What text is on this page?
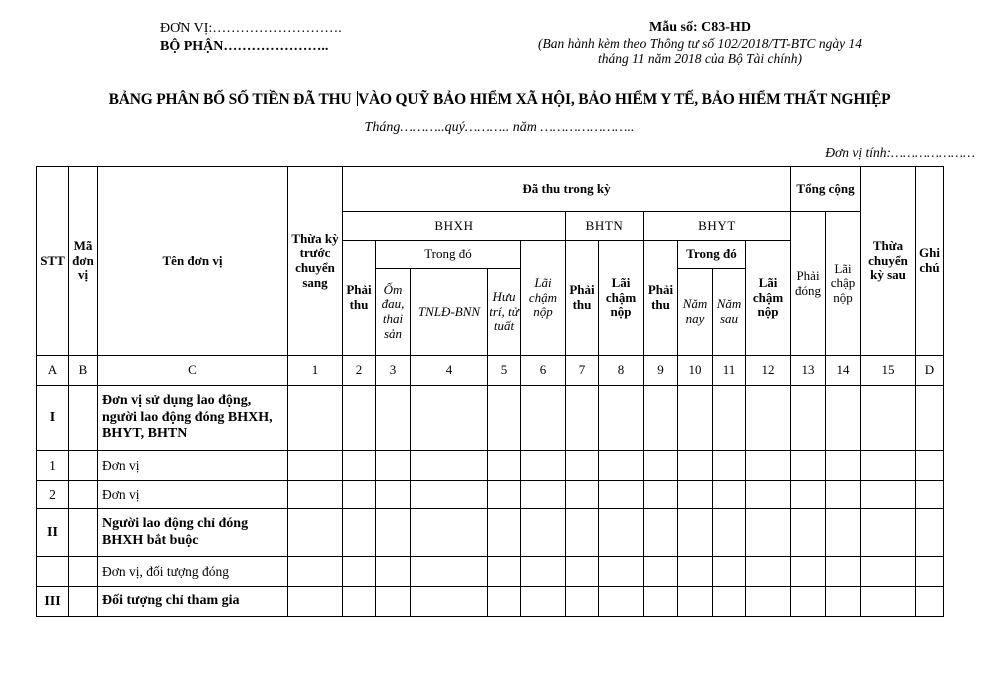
ĐƠN VỊ:……………………….
BỘ PHẬN…………………..
Mẫu số: C83-HD
(Ban hành kèm theo Thông tư số 102/2018/TT-BTC ngày 14
tháng 11 năm 2018 của Bộ Tài chính)
BẢNG PHÂN BỐ SỐ TIỀN ĐÃ THU VÀO QUỸ BẢO HIỂM XÃ HỘI, BẢO HIỂM Y TẾ, BẢO HIỂM THẤT NGHIỆP
Tháng………..quý……….. năm …………………..
Đơn vị tính:…………………
STT	Mã đơn vị	Tên đơn vị	Thừa kỳ trước chuyển sang	Đã thu trong kỳ											Tổng cộng		Thừa chuyển kỳ sau	Ghi chú
				BHXH					BHTN		BHYT				Phải đóng	Lãi chập nộp		
				Phải thu	Trong đó			Lãi chậm nộp	Phải thu	Lãi chậm nộp	Phải thu	Trong đó		Lãi chậm nộp				
					Ốm đau, thai sản	TNLĐ-BNN	Hưu trí, tử tuất					Năm nay	Năm sau					
A	B	C	1	2	3	4	5	6	7	8	9	10	11	12	13	14	15	D
I		Đơn vị sử dụng lao động, người lao động đóng BHXH, BHYT, BHTN																
1		Đơn vị																
2		Đơn vị																
II		Người lao động chỉ đóng BHXH bắt buộc																
		Đơn vị, đối tượng đóng																
III		Đối tượng chỉ tham gia																
